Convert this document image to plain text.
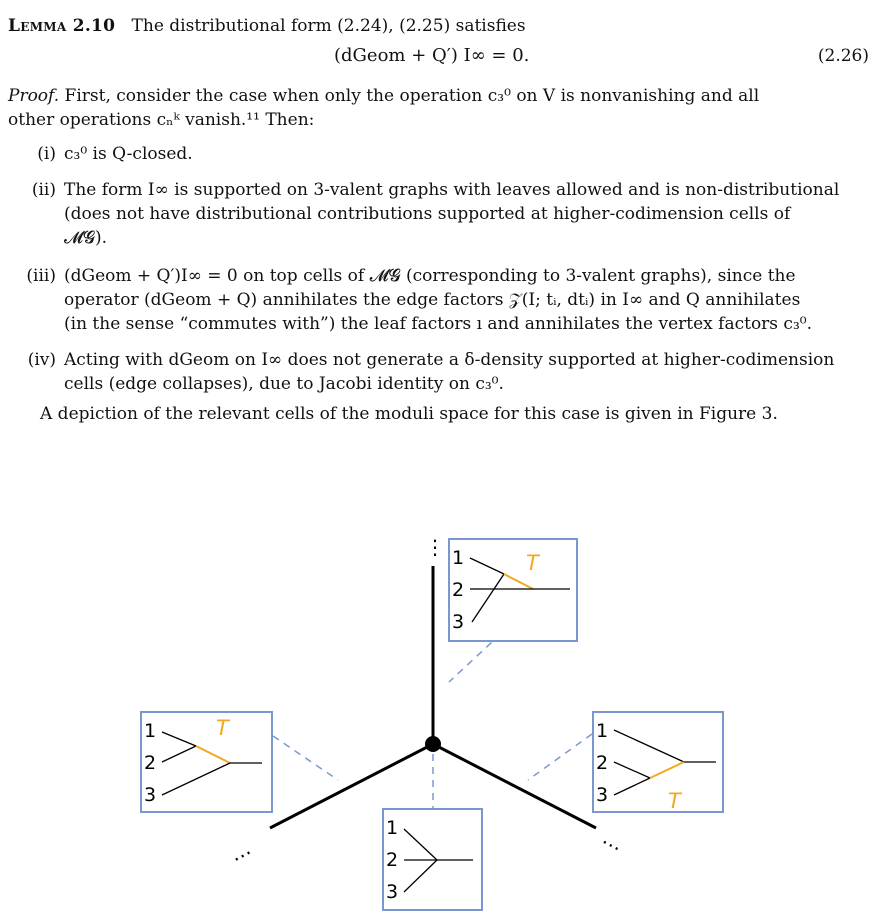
Lemma 2.10 The distributional form (2.24), (2.25) satisfies
(dGeom + Q′) I∞ = 0.	(2.26)
Proof. First, consider the case when only the operation c₃⁰ on V is nonvanishing and all
other operations cₙᵏ vanish.¹¹ Then:
(i) c₃⁰ is Q-closed.
(ii) The form I∞ is supported on 3-valent graphs with leaves allowed and is non-distributional
(does not have distributional contributions supported at higher-codimension cells of
𝓜𝓖).
(iii) (dGeom + Q′)I∞ = 0 on top cells of 𝓜𝓖 (corresponding to 3-valent graphs), since the
operator (dGeom + Q) annihilates the edge factors 𝒵(I; tᵢ, dtᵢ) in I∞ and Q annihilates
(in the sense “commutes with”) the leaf factors ı and annihilates the vertex factors c₃⁰.
(iv) Acting with dGeom on I∞ does not generate a δ-density supported at higher-codimension
cells (edge collapses), due to Jacobi identity on c₃⁰.
A depiction of the relevant cells of the moduli space for this case is given in Figure 3.
⋮
⋯	⋯
1
2
3
T
1
2
3
T	1
2
3	T
1
2
3
